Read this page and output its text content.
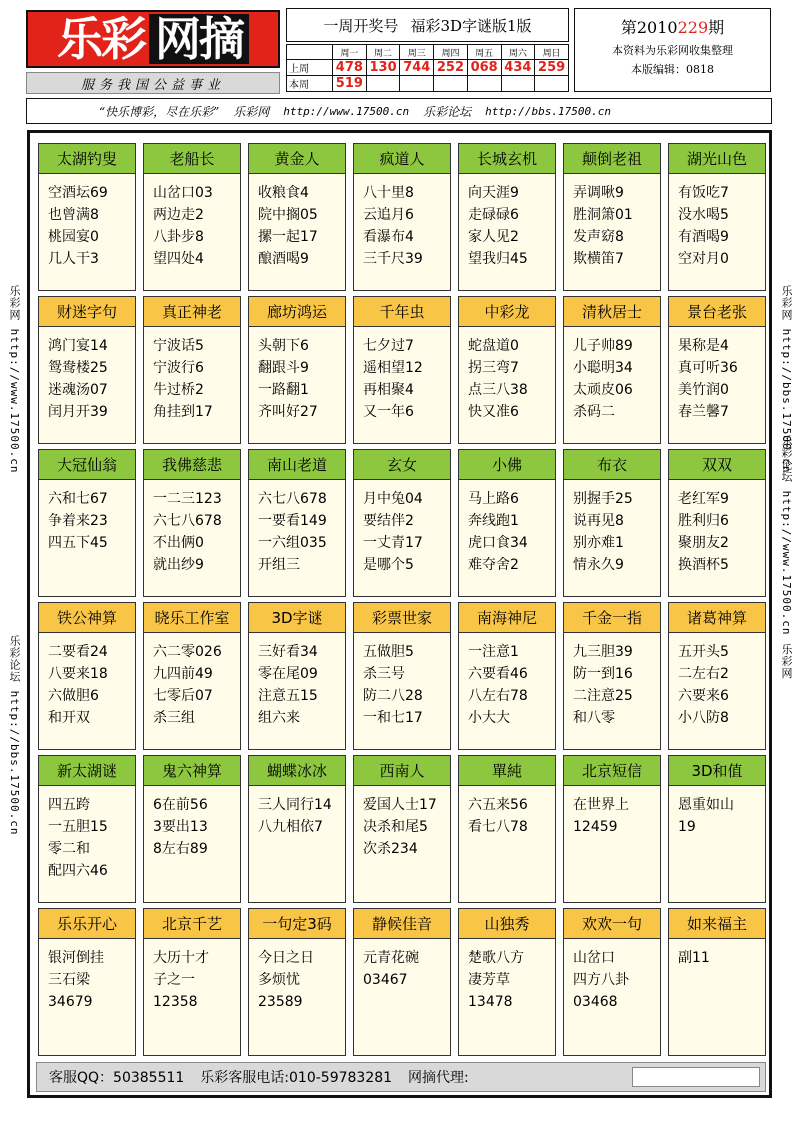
乐彩 网摘
服务我国公益事业
一周开奖号 福彩3D字谜版1版
	周一	周二	周三	周四	周五	周六	周日
上周	478	130	744	252	068	434	259
本周	519						
第2010229期
本资料为乐彩网收集整理
本版编辑：0818
“快乐博彩，尽在乐彩” 乐彩网 http://www.17500.cn 乐彩论坛 http://bbs.17500.cn
乐彩网 http://www.17500.cn
乐彩论坛 http://bbs.17500.cn
乐彩网 http://bbs.17500.cn
乐彩论坛 http://www.17500.cn 乐彩网
太湖钓叟
空酒坛69
也曾满8
桃园宴0
几人干3
老船长
山岔口03
两边走2
八卦步8
望四处4
黄金人
收粮食4
院中搁05
摞一起17
酿酒喝9
疯道人
八十里8
云追月6
看瀑布4
三千尺39
长城玄机
向天涯9
走碌碌6
家人见2
望我归45
颠倒老祖
弄调啾9
胜洞箫01
发声窈8
欺横笛7
湖光山色
有饭吃7
没水喝5
有酒喝9
空对月0
财迷字句
鸿门宴14
鸳鸯楼25
迷魂汤07
闰月开39
真正神老
宁波话5
宁波行6
牛过桥2
角挂到17
廊坊鸿运
头朝下6
翻跟斗9
一路翻1
齐叫好27
千年虫
七夕过7
遥相望12
再相聚4
又一年6
中彩龙
蛇盘道0
拐三弯7
点三八38
快又准6
清秋居士
儿子帅89
小聪明34
太顽皮06
杀码二
景台老张
果称是4
真可听36
美竹润0
春兰馨7
大冠仙翁
六和七67
争着来23
四五下45
我佛慈悲
一二三123
六七八678
不出俩0
就出纱9
南山老道
六七八678
一要看149
一六组035
开组三
玄女
月中兔04
要结伴2
一丈青17
是哪个5
小佛
马上路6
奔线跑1
虎口食34
难夺舍2
布衣
别握手25
说再见8
别亦难1
情永久9
双双
老红军9
胜利归6
聚朋友2
换酒杯5
铁公神算
二要看24
八要来18
六做胆6
和开双
晓乐工作室
六二零026
九四前49
七零后07
杀三组
3D字谜
三好看34
零在尾09
注意五15
组六来
彩票世家
五做胆5
杀三号
防二八28
一和七17
南海神尼
一注意1
六要看46
八左右78
小大大
千金一指
九三胆39
防一到16
二注意25
和八零
诸葛神算
五开头5
二左右2
六要来6
小八防8
新太湖谜
四五跨
一五胆15
零二和
配四六46
鬼六神算
6在前56
3要出13
8左右89
蝴蝶冰冰
三人同行14
八九相依7
西南人
爱国人士17
决杀和尾5
次杀234
單純
六五来56
看七八78
北京短信
在世界上
12459
3D和值
恩重如山
19
乐乐开心
银河倒挂
三石梁
34679
北京千艺
大历十才
子之一
12358
一句定3码
今日之日
多烦忧
23589
静候佳音
元青花碗
03467
山独秀
楚歌八方
凄芳草
13478
欢欢一句
山岔口
四方八卦
03468
如来福主
副11
客服QQ：50385511 乐彩客服电话:010-59783281 网摘代理:
